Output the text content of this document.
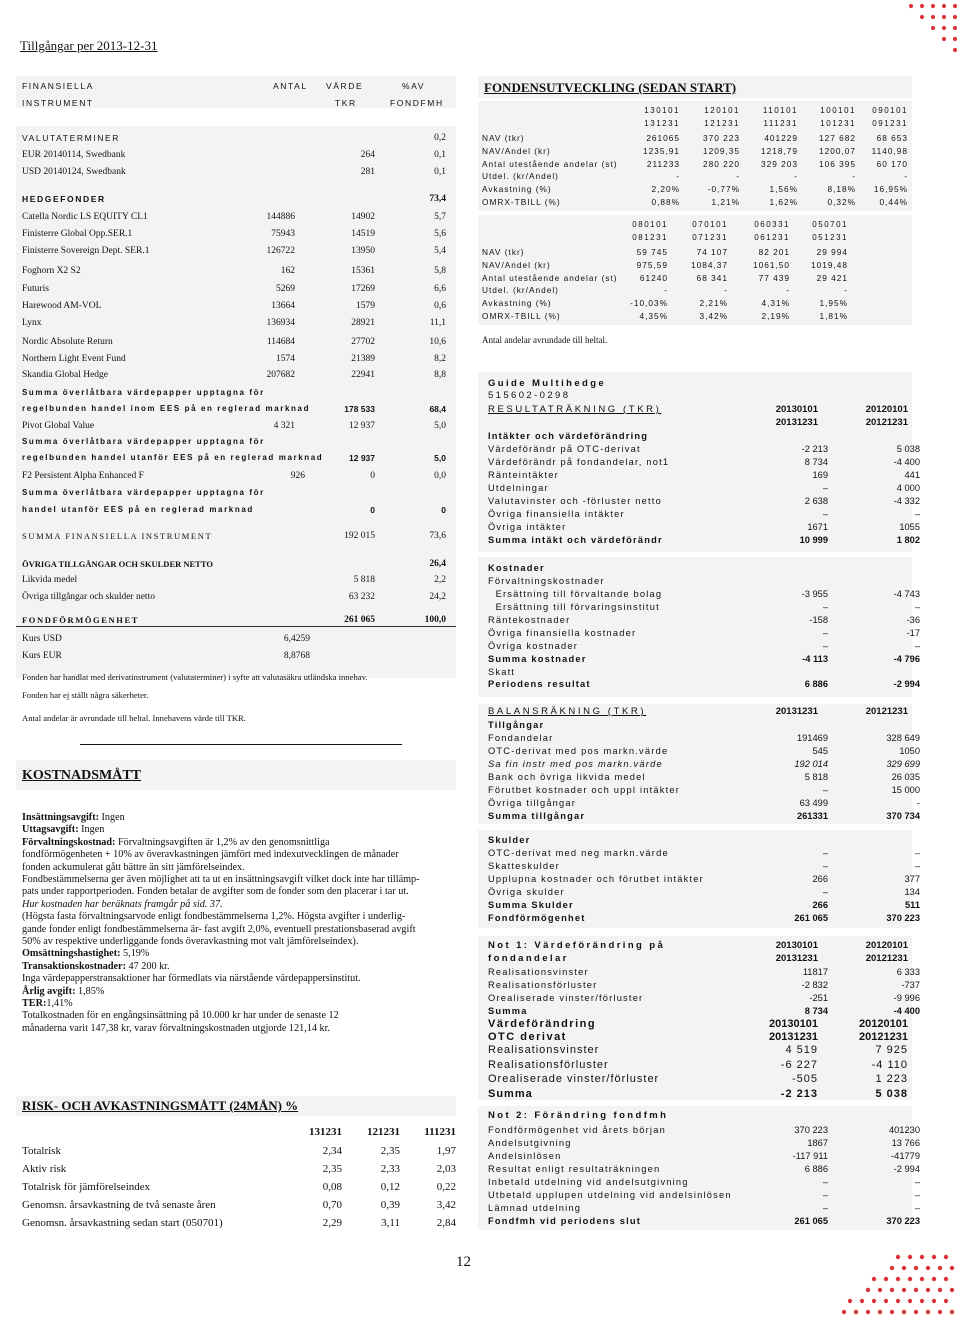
Tillgångar per 2013-12-31
FINANSIELLA	ANTAL VÄRDE	%AV
INSTRUMENT	TKR	FONDFMH
VALUTATERMINER	0,2
EUR 20140114, Swedbank	264	0,1
USD 20140124, Swedbank	281	0,1
HEDGEFONDER	73,4
Catella Nordic LS EQUITY CL1	144886	14902	5,7
Finisterre Global Opp.SER.1	75943	14519	5,6
Finisterre Sovereign Dept. SER.1	126722	13950	5,4
Foghorn X2 S2	162	15361	5,8
Futuris	5269	17269	6,6
Harewood AM-VOL	13664	1579	0,6
Lynx	136934	28921	11,1
Nordic Absolute Return	114684	27702	10,6
Northern Light Event Fund	1574	21389	8,2
Skandia Global Hedge	207682	22941	8,8
Summa överlåtbara värdepapper upptagna för
regelbunden handel inom EES på en reglerad marknad	178 533	68,4
Pivot Global Value	4 321	12 937	5,0
Summa överlåtbara värdepapper upptagna för
regelbunden handel utanför EES på en reglerad marknad	12 937	5,0
F2 Persistent Alpha Enhanced F	926	0	0,0
Summa överlåtbara värdepapper upptagna för
handel utanför EES på en reglerad marknad	0	0
SUMMA FINANSIELLA INSTRUMENT	192 015	73,6
ÖVRIGA TILLGÅNGAR OCH SKULDER NETTO	26,4
Likvida medel	5 818	2,2
Övriga tillgångar och skulder netto	63 232	24,2
FONDFÖRMÖGENHET	261 065	100,0
Kurs USD	6,4259
Kurs EUR	8,8768
Fonden har handlat med derivatinstrument (valutaterminer) i syfte att valutasäkra utländska innehav.
Fonden har ej ställt några säkerheter.
Antal andelar är avrundade till heltal. Innehavens värde till TKR.
KOSTNADSMÅTT
Insättningsavgift: Ingen
Uttagsavgift: Ingen
Förvaltningskostnad: Förvaltningsavgiften är 1,2% av den genomsnittliga
fondförmögenheten + 10% av överavkastningen jämfört med indexutvecklingen de månader
fonden ackumulerat gått bättre än sitt jämförelseindex.
Fondbestämmelserna ger även möjlighet att ta ut en insättningsavgift vilket dock inte har tillämp-
pats under rapportperioden. Fonden betalar de avgifter som de fonder som den placerar i tar ut.
Hur kostnaden har beräknats framgår på sid. 37.
(Högsta fasta förvaltningsarvode enligt fondbestämmelserna 1,2%. Högsta avgifter i underlig-
gande fonder enligt fondbestämmelserna är- fast avgift 2,0%, eventuell prestationsbaserad avgift
50% av respektive underliggande fonds överavkastning mot valt jämförelseindex).
Omsättningshastighet: 5,19%
Transaktionskostnader: 47 200 kr.
Inga värdepapperstransaktioner har förmedlats via närstående värdepappersinstitut.
Årlig avgift: 1,85%
TER:1,41%
Totalkostnaden för en engångsinsättning på 10.000 kr har under de senaste 12
månaderna varit 147,38 kr, varav förvaltningskostnaden utgjorde 121,14 kr.
RISK- OCH AVKASTNINGSMÅTT (24MÅN) %
131231	121231	111231
Totalrisk	2,34	2,35	1,97
Aktiv risk	2,35	2,33	2,03
Totalrisk för jämförelseindex	0,08	0,12	0,22
Genomsn. årsavkastning de två senaste åren	0,70	0,39	3,42
Genomsn. årsavkastning sedan start (050701)	2,29	3,11	2,84
FONDENSUTVECKLING (SEDAN START)
130101	120101	110101	100101	090101
131231	121231	111231	101231	091231
NAV (tkr)	261065	370 223	401229	127 682	68 653
NAV/Andel (kr)	1235,91	1209,35	1218,79	1200,07	1140,98
Antal utestående andelar (st)	211233	280 220	329 203	106 395	60 170
Utdel. (kr/Andel)	-	-	-	-	-
Avkastning (%)	2,20%	-0,77%	1,56%	8,18%	16,95%
OMRX-TBILL (%)	0,88%	1,21%	1,62%	0,32%	0,44%
080101	070101	060331	050701
081231	071231	061231	051231
NAV (tkr)	59 745	74 107	82 201	29 994
NAV/Andel (kr)	975,59	1084,37	1061,50	1019,48
Antal utestående andelar (st)	61240	68 341	77 439	29 421
Utdel. (kr/Andel)	-	-	-	-
Avkastning (%)	-10,03%	2,21%	4,31%	1,95%
OMRX-TBILL (%)	4,35%	3,42%	2,19%	1,81%
Antal andelar avrundade till heltal.
Guide Multihedge
515602-0298
RESULTATRÄKNING (TKR)	20130101	20120101
20131231	20121231
Intäkter och värdeförändring		
Värdeförändr på OTC-derivat	-2 213	5 038
Värdeförändr på fondandelar, not1	8 734	-4 400
Ränteintäkter	169	441
Utdelningar	–	4 000
Valutavinster och -förluster netto	2 638	-4 332
Övriga finansiella intäkter	–	–
Övriga intäkter	1671	1055
Summa intäkt och värdeförändr	10 999	1 802
Kostnader		
Förvaltningskostnader		
Ersättning till förvaltande bolag	-3 955	-4 743
Ersättning till förvaringsinstitut	–	–
Räntekostnader	-158	-36
Övriga finansiella kostnader	–	-17
Övriga kostnader	–	–
Summa kostnader	-4 113	-4 796
Skatt		
Periodens resultat	6 886	-2 994
BALANSRÄKNING (TKR)	20131231	20121231
Tillgångar		
Fondandelar	191469	328 649
OTC-derivat med pos markn.värde	545	1050
Sa fin instr med pos markn.värde	192 014	329 699
Bank och övriga likvida medel	5 818	26 035
Förutbet kostnader och uppl intäkter	–	15 000
Övriga tillgångar	63 499	-
Summa tillgångar	261331	370 734
Skulder		
OTC-derivat med neg markn.värde	–	–
Skatteskulder	–	–
Upplupna kostnader och förutbet intäkter	266	377
Övriga skulder	–	134
Summa Skulder	266	511
Fondförmögenhet	261 065	370 223
Not 1: Värdeförändring på
fondandelar
20130101	20120101
20131231	20121231
Realisationsvinster	11817	6 333
Realisationsförluster	-2 832	-737
Orealiserade vinster/förluster	-251	-9 996
Summa	8 734	-4 400
Värdeförändring	20130101	20120101
OTC derivat	20131231	20121231
Realisationsvinster	4 519	7 925
Realisationsförluster	-6 227	-4 110
Orealiserade vinster/förluster	-505	1 223
Summa	-2 213	5 038
Not 2: Förändring fondfmh
Fondförmögenhet vid årets början	370 223	401230
Andelsutgivning	1867	13 766
Andelsinlösen	-117 911	-41779
Resultat enligt resultaträkningen	6 886	-2 994
Inbetald utdelning vid andelsutgivning	–	–
Utbetald upplupen utdelning vid andelsinlösen	–	–
Lämnad utdelning	–	–
Fondfmh vid periodens slut	261 065	370 223
12
